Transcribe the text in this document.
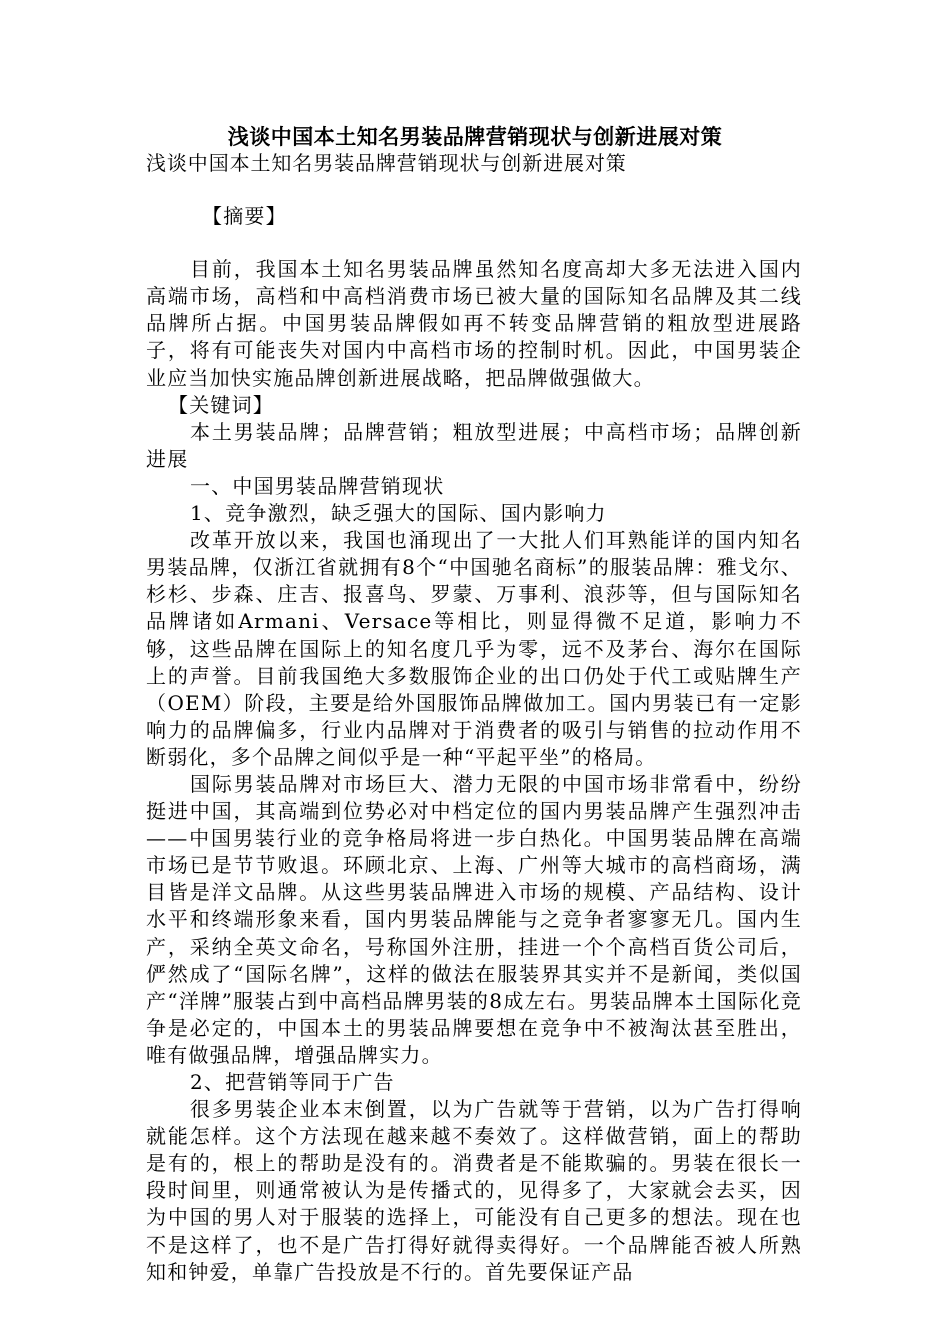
浅谈中国本土知名男装品牌营销现状与创新进展对策

浅谈中国本土知名男装品牌营销现状与创新进展对策

【摘要】

目前，我国本土知名男装品牌虽然知名度高却大多无法进入国内高端市场，高档和中高档消费市场已被大量的国际知名品牌及其二线品牌所占据。中国男装品牌假如再不转变品牌营销的粗放型进展路子，将有可能丧失对国内中高档市场的控制时机。因此，中国男装企业应当加快实施品牌创新进展战略，把品牌做强做大。

【关键词】

本土男装品牌；品牌营销；粗放型进展；中高档市场；品牌创新进展

一、中国男装品牌营销现状

1、竞争激烈，缺乏强大的国际、国内影响力

改革开放以来，我国也涌现出了一大批人们耳熟能详的国内知名男装品牌，仅浙江省就拥有8个“中国驰名商标”的服装品牌：雅戈尔、杉杉、步森、庄吉、报喜鸟、罗蒙、万事利、浪莎等，但与国际知名品牌诸如Armani、Versace等相比，则显得微不足道，影响力不够，这些品牌在国际上的知名度几乎为零，远不及茅台、海尔在国际上的声誉。目前我国绝大多数服饰企业的出口仍处于代工或贴牌生产（OEM）阶段，主要是给外国服饰品牌做加工。国内男装已有一定影响力的品牌偏多，行业内品牌对于消费者的吸引与销售的拉动作用不断弱化，多个品牌之间似乎是一种“平起平坐”的格局。

国际男装品牌对市场巨大、潜力无限的中国市场非常看中，纷纷挺进中国，其高端到位势必对中档定位的国内男装品牌产生强烈冲击——中国男装行业的竞争格局将进一步白热化。中国男装品牌在高端市场已是节节败退。环顾北京、上海、广州等大城市的高档商场，满目皆是洋文品牌。从这些男装品牌进入市场的规模、产品结构、设计水平和终端形象来看，国内男装品牌能与之竞争者寥寥无几。国内生产，采纳全英文命名，号称国外注册，挂进一个个高档百货公司后，俨然成了“国际名牌”，这样的做法在服装界其实并不是新闻，类似国产“洋牌”服装占到中高档品牌男装的8成左右。男装品牌本土国际化竞争是必定的，中国本土的男装品牌要想在竞争中不被淘汰甚至胜出，唯有做强品牌，增强品牌实力。

2、把营销等同于广告

很多男装企业本末倒置，以为广告就等于营销，以为广告打得响就能怎样。这个方法现在越来越不奏效了。这样做营销，面上的帮助是有的，根上的帮助是没有的。消费者是不能欺骗的。男装在很长一段时间里，则通常被认为是传播式的，见得多了，大家就会去买，因为中国的男人对于服装的选择上，可能没有自己更多的想法。现在也不是这样了，也不是广告打得好就得卖得好。一个品牌能否被人所熟知和钟爱，单靠广告投放是不行的。首先要保证产品
